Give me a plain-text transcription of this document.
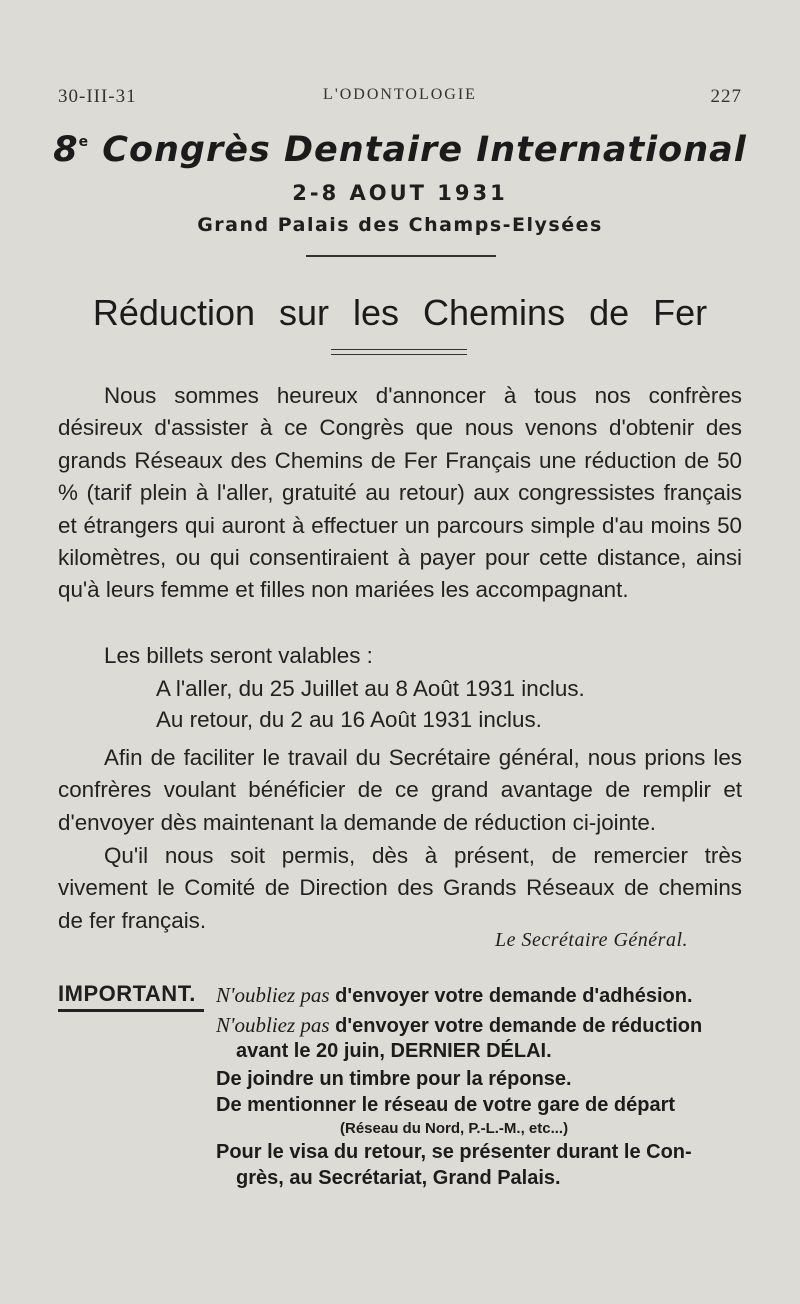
30-III-31	L'ODONTOLOGIE	227
8e Congrès Dentaire International
2-8 AOUT 1931
Grand Palais des Champs-Elysées
Réduction sur les Chemins de Fer
Nous sommes heureux d'annoncer à tous nos confrères désireux d'assister à ce Congrès que nous venons d'obtenir des grands Réseaux des Chemins de Fer Français une réduction de 50 % (tarif plein à l'aller, gratuité au retour) aux congressistes français et étrangers qui auront à effectuer un parcours simple d'au moins 50 kilomètres, ou qui consentiraient à payer pour cette distance, ainsi qu'à leurs femme et filles non mariées les accompagnant.
Les billets seront valables :
A l'aller, du 25 Juillet au 8 Août 1931 inclus.
Au retour, du 2 au 16 Août 1931 inclus.
Afin de faciliter le travail du Secrétaire général, nous prions les confrères voulant bénéficier de ce grand avantage de remplir et d'envoyer dès maintenant la demande de réduction ci-jointe.
Qu'il nous soit permis, dès à présent, de remercier très vivement le Comité de Direction des Grands Réseaux de chemins de fer français.
Le Secrétaire Général.
IMPORTANT. N'oubliez pas d'envoyer votre demande d'adhésion.
N'oubliez pas d'envoyer votre demande de réduction
avant le 20 juin, DERNIER DÉLAI.
De joindre un timbre pour la réponse.
De mentionner le réseau de votre gare de départ
(Réseau du Nord, P.-L.-M., etc...)
Pour le visa du retour, se présenter durant le Con-
grès, au Secrétariat, Grand Palais.
